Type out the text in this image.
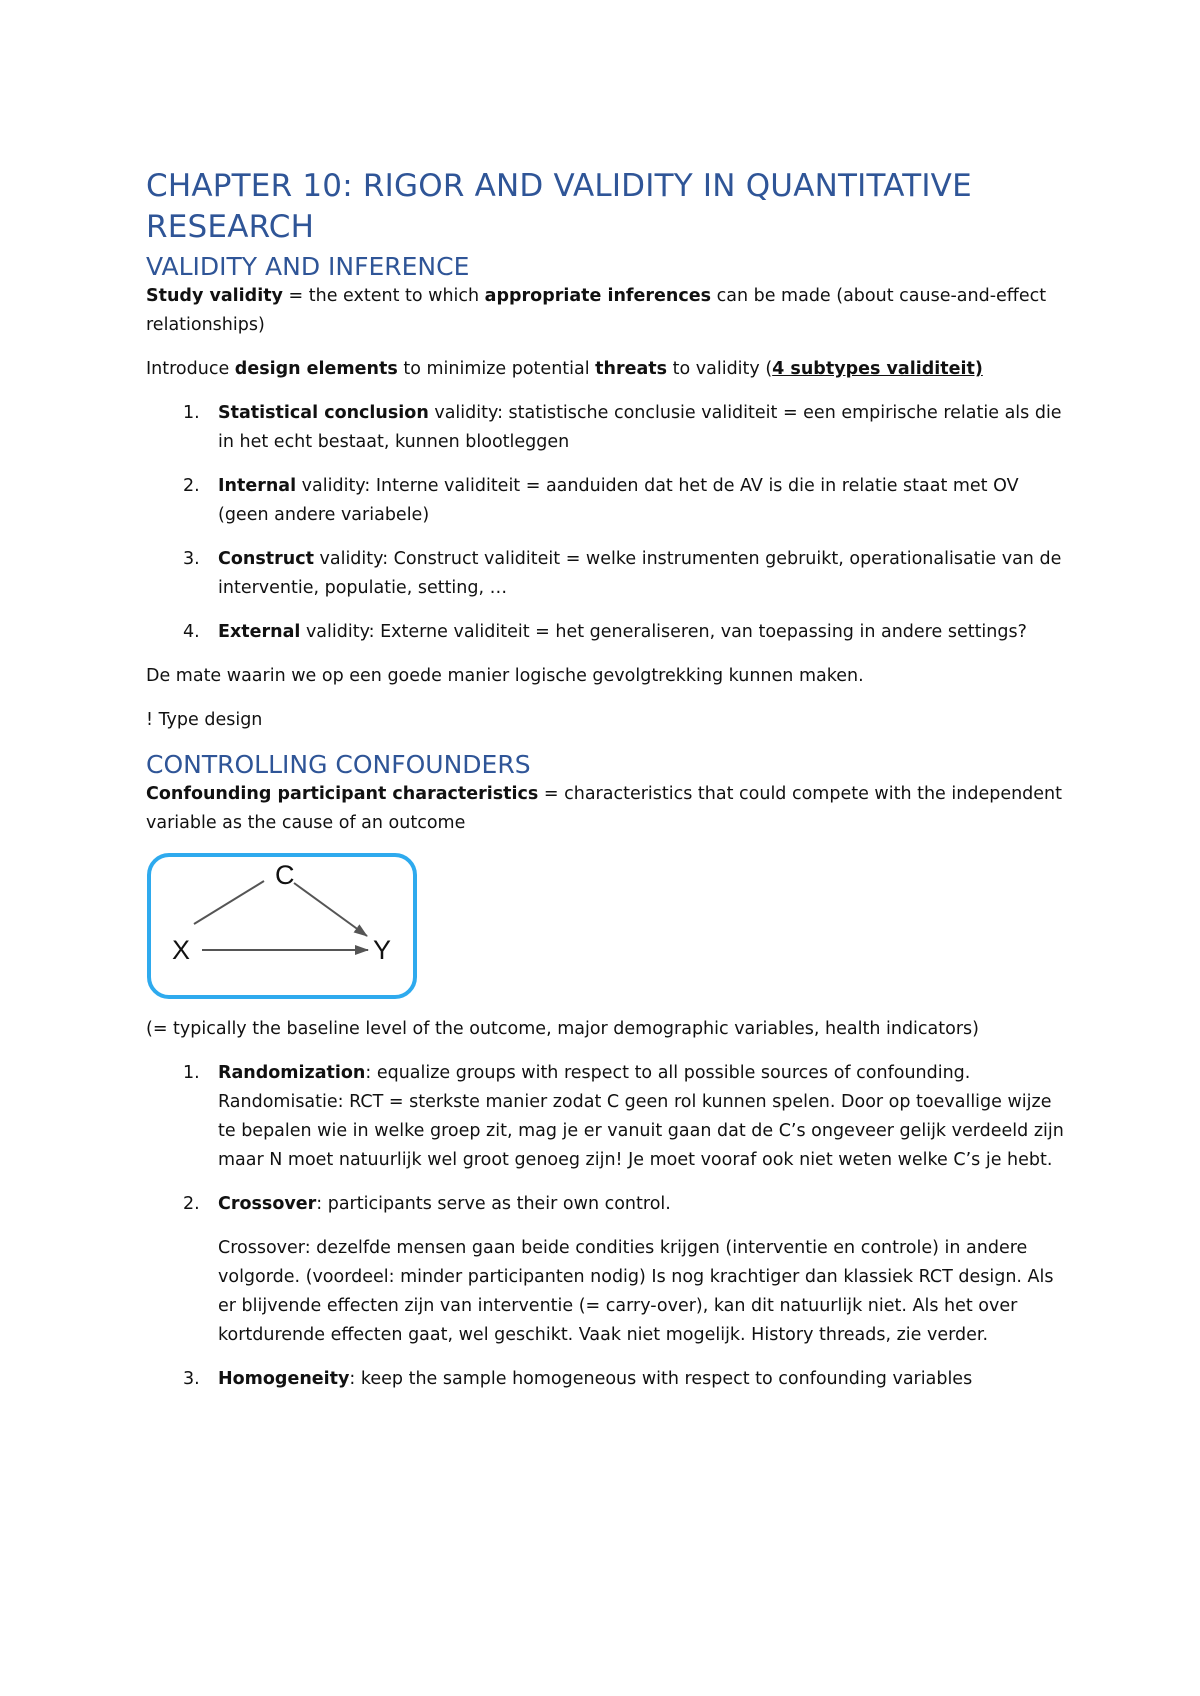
CHAPTER 10: RIGOR AND VALIDITY IN QUANTITATIVE RESEARCH
VALIDITY AND INFERENCE

Study validity = the extent to which appropriate inferences can be made (about cause-and-effect relationships)

Introduce design elements to minimize potential threats to validity (4 subtypes validiteit)

1. Statistical conclusion validity: statistische conclusie validiteit = een empirische relatie als die in het echt bestaat, kunnen blootleggen
2. Internal validity: Interne validiteit = aanduiden dat het de AV is die in relatie staat met OV (geen andere variabele)
3. Construct validity: Construct validiteit = welke instrumenten gebruikt, operationalisatie van de interventie, populatie, setting, …
4. External validity: Externe validiteit = het generaliseren, van toepassing in andere settings?

De mate waarin we op een goede manier logische gevolgtrekking kunnen maken.

! Type design

CONTROLLING CONFOUNDERS

Confounding participant characteristics = characteristics that could compete with the independent variable as the cause of an outcome

C
X	Y

(= typically the baseline level of the outcome, major demographic variables, health indicators)

1. Randomization: equalize groups with respect to all possible sources of confounding.
Randomisatie: RCT = sterkste manier zodat C geen rol kunnen spelen. Door op toevallige wijze te bepalen wie in welke groep zit, mag je er vanuit gaan dat de C’s ongeveer gelijk verdeeld zijn maar N moet natuurlijk wel groot genoeg zijn! Je moet vooraf ook niet weten welke C’s je hebt.
2. Crossover: participants serve as their own control.

Crossover: dezelfde mensen gaan beide condities krijgen (interventie en controle) in andere volgorde. (voordeel: minder participanten nodig) Is nog krachtiger dan klassiek RCT design. Als er blijvende effecten zijn van interventie (= carry-over), kan dit natuurlijk niet. Als het over kortdurende effecten gaat, wel geschikt. Vaak niet mogelijk. History threads, zie verder.

3. Homogeneity: keep the sample homogeneous with respect to confounding variables
